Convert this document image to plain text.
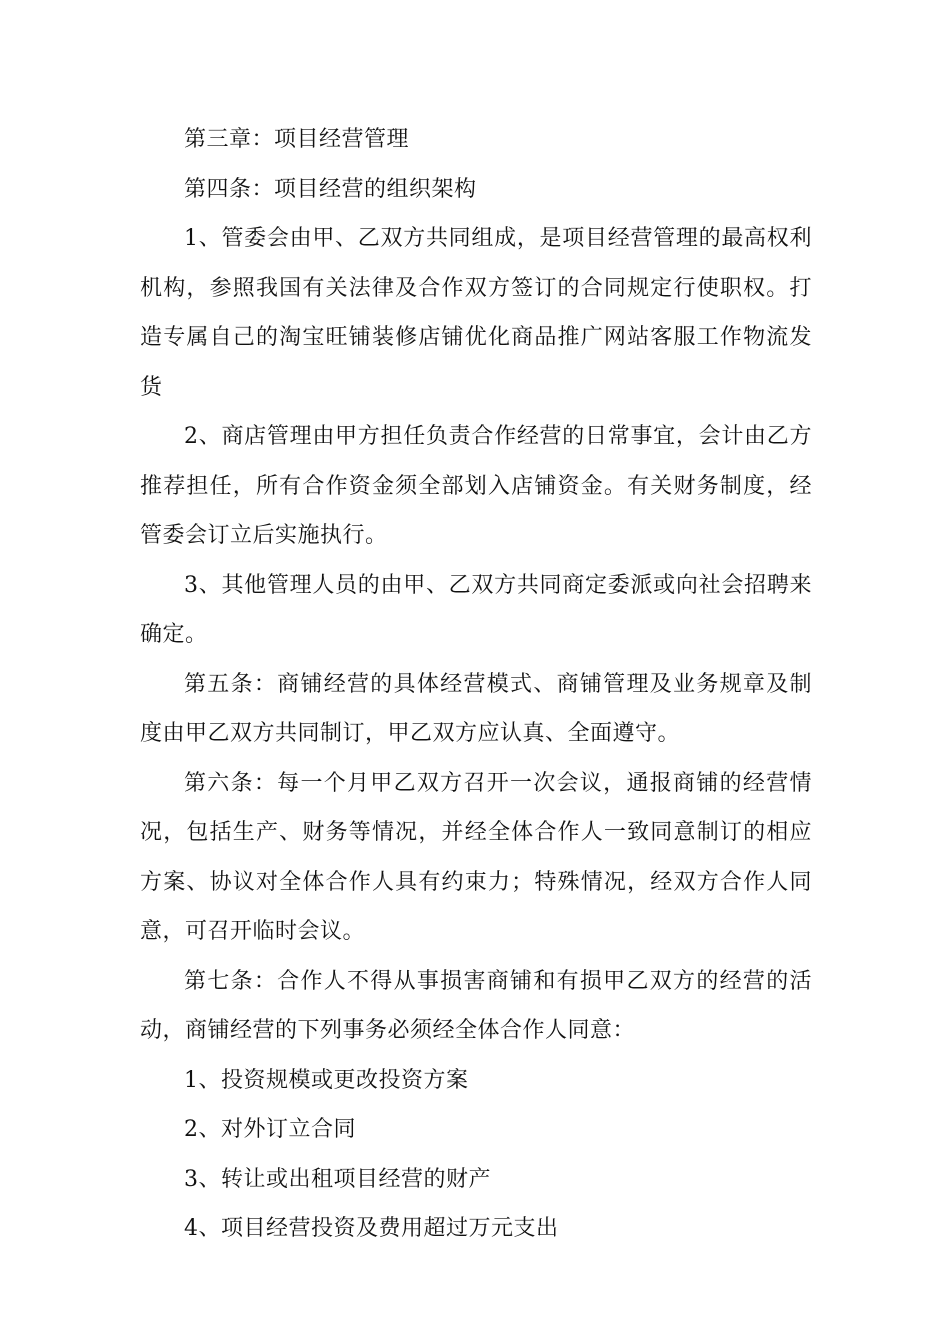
第三章：项目经营管理

第四条：项目经营的组织架构

1、管委会由甲、乙双方共同组成，是项目经营管理的最高权利机构，参照我国有关法律及合作双方签订的合同规定行使职权。打造专属自己的淘宝旺铺装修店铺优化商品推广网站客服工作物流发货

2、商店管理由甲方担任负责合作经营的日常事宜，会计由乙方推荐担任，所有合作资金须全部划入店铺资金。有关财务制度，经管委会订立后实施执行。

3、其他管理人员的由甲、乙双方共同商定委派或向社会招聘来确定。

第五条：商铺经营的具体经营模式、商铺管理及业务规章及制度由甲乙双方共同制订，甲乙双方应认真、全面遵守。

第六条：每一个月甲乙双方召开一次会议，通报商铺的经营情况，包括生产、财务等情况，并经全体合作人一致同意制订的相应方案、协议对全体合作人具有约束力；特殊情况，经双方合作人同意，可召开临时会议。

第七条：合作人不得从事损害商铺和有损甲乙双方的经营的活动，商铺经营的下列事务必须经全体合作人同意：

1、投资规模或更改投资方案

2、对外订立合同

3、转让或出租项目经营的财产

4、项目经营投资及费用超过万元支出
